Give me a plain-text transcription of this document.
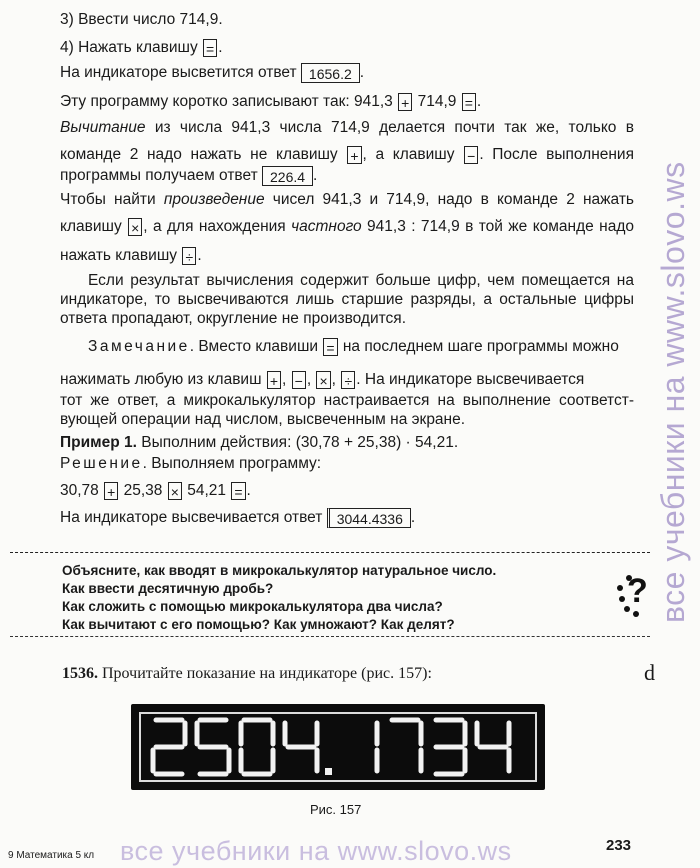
все учебники на www.slovo.ws
3) Ввести число 714,9.
4) Нажать клавишу = .
На индикаторе высветится ответ 1656.2 .
Эту программу коротко записывают так: 941,3 + 714,9 = .
Вычитание из числа 941,3 числа 714,9 делается почти так же, только в
команде 2 надо нажать не клавишу + , а клавишу − . После выполнения
программы получаем ответ 226.4 .
Чтобы найти произведение чисел 941,3 и 714,9, надо в команде 2 нажать
клавишу × , а для нахождения частного 941,3 : 714,9 в той же команде надо
нажать клавишу ÷ .
Если результат вычисления содержит больше цифр, чем помещается на
индикаторе, то высвечиваются лишь старшие разряды, а остальные цифры
ответа пропадают, округление не производится.
Замечание. Вместо клавиши = на последнем шаге программы можно
нажимать любую из клавиш + , − , × , ÷ . На индикаторе высвечивается
тот же ответ, а микрокалькулятор настраивается на выполнение соответст-
вующей операции над числом, высвеченным на экране.
Пример 1. Выполним действия: (30,78 + 25,38) · 54,21.
Решение. Выполняем программу:
30,78 + 25,38 × 54,21 = .
На индикаторе высвечивается ответ 3044.4336 .
Объясните, как вводят в микрокалькулятор натуральное число.
Как ввести десятичную дробь?
Как сложить с помощью микрокалькулятора два числа?
Как вычитают с его помощью? Как умножают? Как делят?
?
1536. Прочитайте показание на индикаторе (рис. 157):	d
Рис. 157
9 Математика 5 кл все учебники на www.slovo.ws	233
